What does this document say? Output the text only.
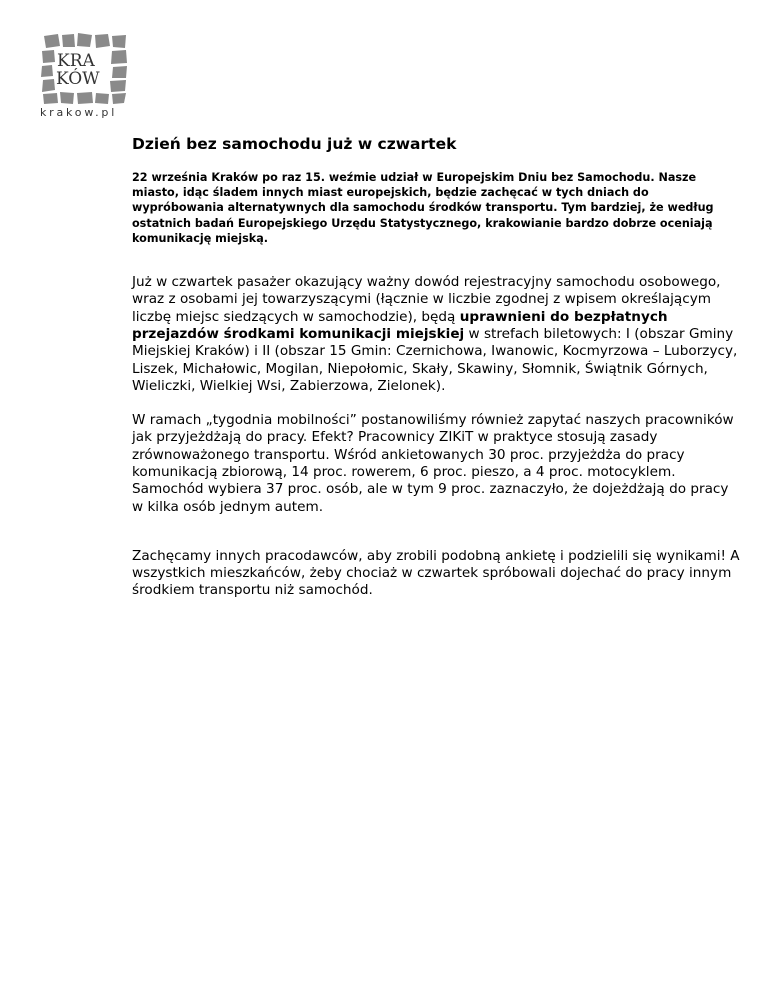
KRA
KÓW
krakow.pl
Dzień bez samochodu już w czwartek

22 września Kraków po raz 15. weźmie udział w Europejskim Dniu bez Samochodu. Nasze miasto, idąc śladem innych miast europejskich, będzie zachęcać w tych dniach do wypróbowania alternatywnych dla samochodu środków transportu. Tym bardziej, że według ostatnich badań Europejskiego Urzędu Statystycznego, krakowianie bardzo dobrze oceniają komunikację miejską.

Już w czwartek pasażer okazujący ważny dowód rejestracyjny samochodu osobowego, wraz z osobami jej towarzyszącymi (łącznie w liczbie zgodnej z wpisem określającym liczbę miejsc siedzących w samochodzie), będą uprawnieni do bezpłatnych przejazdów środkami komunikacji miejskiej w strefach biletowych: I (obszar Gminy Miejskiej Kraków) i II (obszar 15 Gmin: Czernichowa, Iwanowic, Kocmyrzowa – Luborzycy, Liszek, Michałowic, Mogilan, Niepołomic, Skały, Skawiny, Słomnik, Świątnik Górnych, Wieliczki, Wielkiej Wsi, Zabierzowa, Zielonek).

W ramach „tygodnia mobilności” postanowiliśmy również zapytać naszych pracowników jak przyjeżdżają do pracy. Efekt? Pracownicy ZIKiT w praktyce stosują zasady zrównoważonego transportu. Wśród ankietowanych 30 proc. przyjeżdża do pracy komunikacją zbiorową, 14 proc. rowerem, 6 proc. pieszo, a 4 proc. motocyklem. Samochód wybiera 37 proc. osób, ale w tym 9 proc. zaznaczyło, że dojeżdżają do pracy w kilka osób jednym autem.

Zachęcamy innych pracodawców, aby zrobili podobną ankietę i podzielili się wynikami! A wszystkich mieszkańców, żeby chociaż w czwartek spróbowali dojechać do pracy innym środkiem transportu niż samochód.
